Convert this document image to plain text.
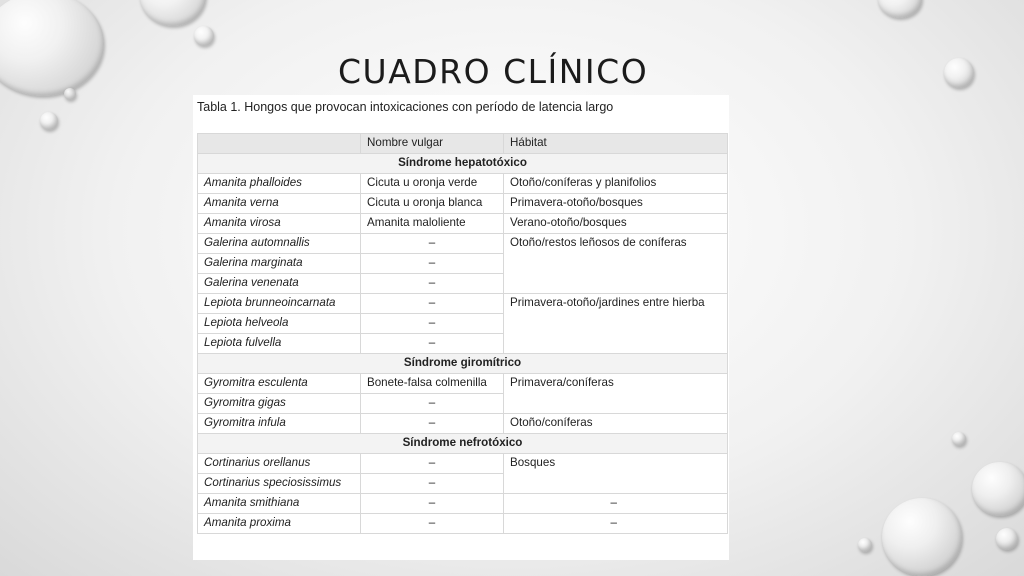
CUADRO CLÍNICO
Tabla 1. Hongos que provocan intoxicaciones con período de latencia largo
	Nombre vulgar	Hábitat
Síndrome hepatotóxico		
Amanita phalloides	Cicuta u oronja verde	Otoño/coníferas y planifolios
Amanita verna	Cicuta u oronja blanca	Primavera-otoño/bosques
Amanita virosa	Amanita maloliente	Verano-otoño/bosques
Galerina automnallis	–	Otoño/restos leñosos de coníferas
Galerina marginata	–	
Galerina venenata	–	
Lepiota brunneoincarnata	–	Primavera-otoño/jardines entre hierba
Lepiota helveola	–	
Lepiota fulvella	–	
Síndrome giromítrico		
Gyromitra esculenta	Bonete-falsa colmenilla	Primavera/coníferas
Gyromitra gigas	–	
Gyromitra infula	–	Otoño/coníferas
Síndrome nefrotóxico		
Cortinarius orellanus	–	Bosques
Cortinarius speciosissimus	–	
Amanita smithiana	–	–
Amanita proxima	–	–
